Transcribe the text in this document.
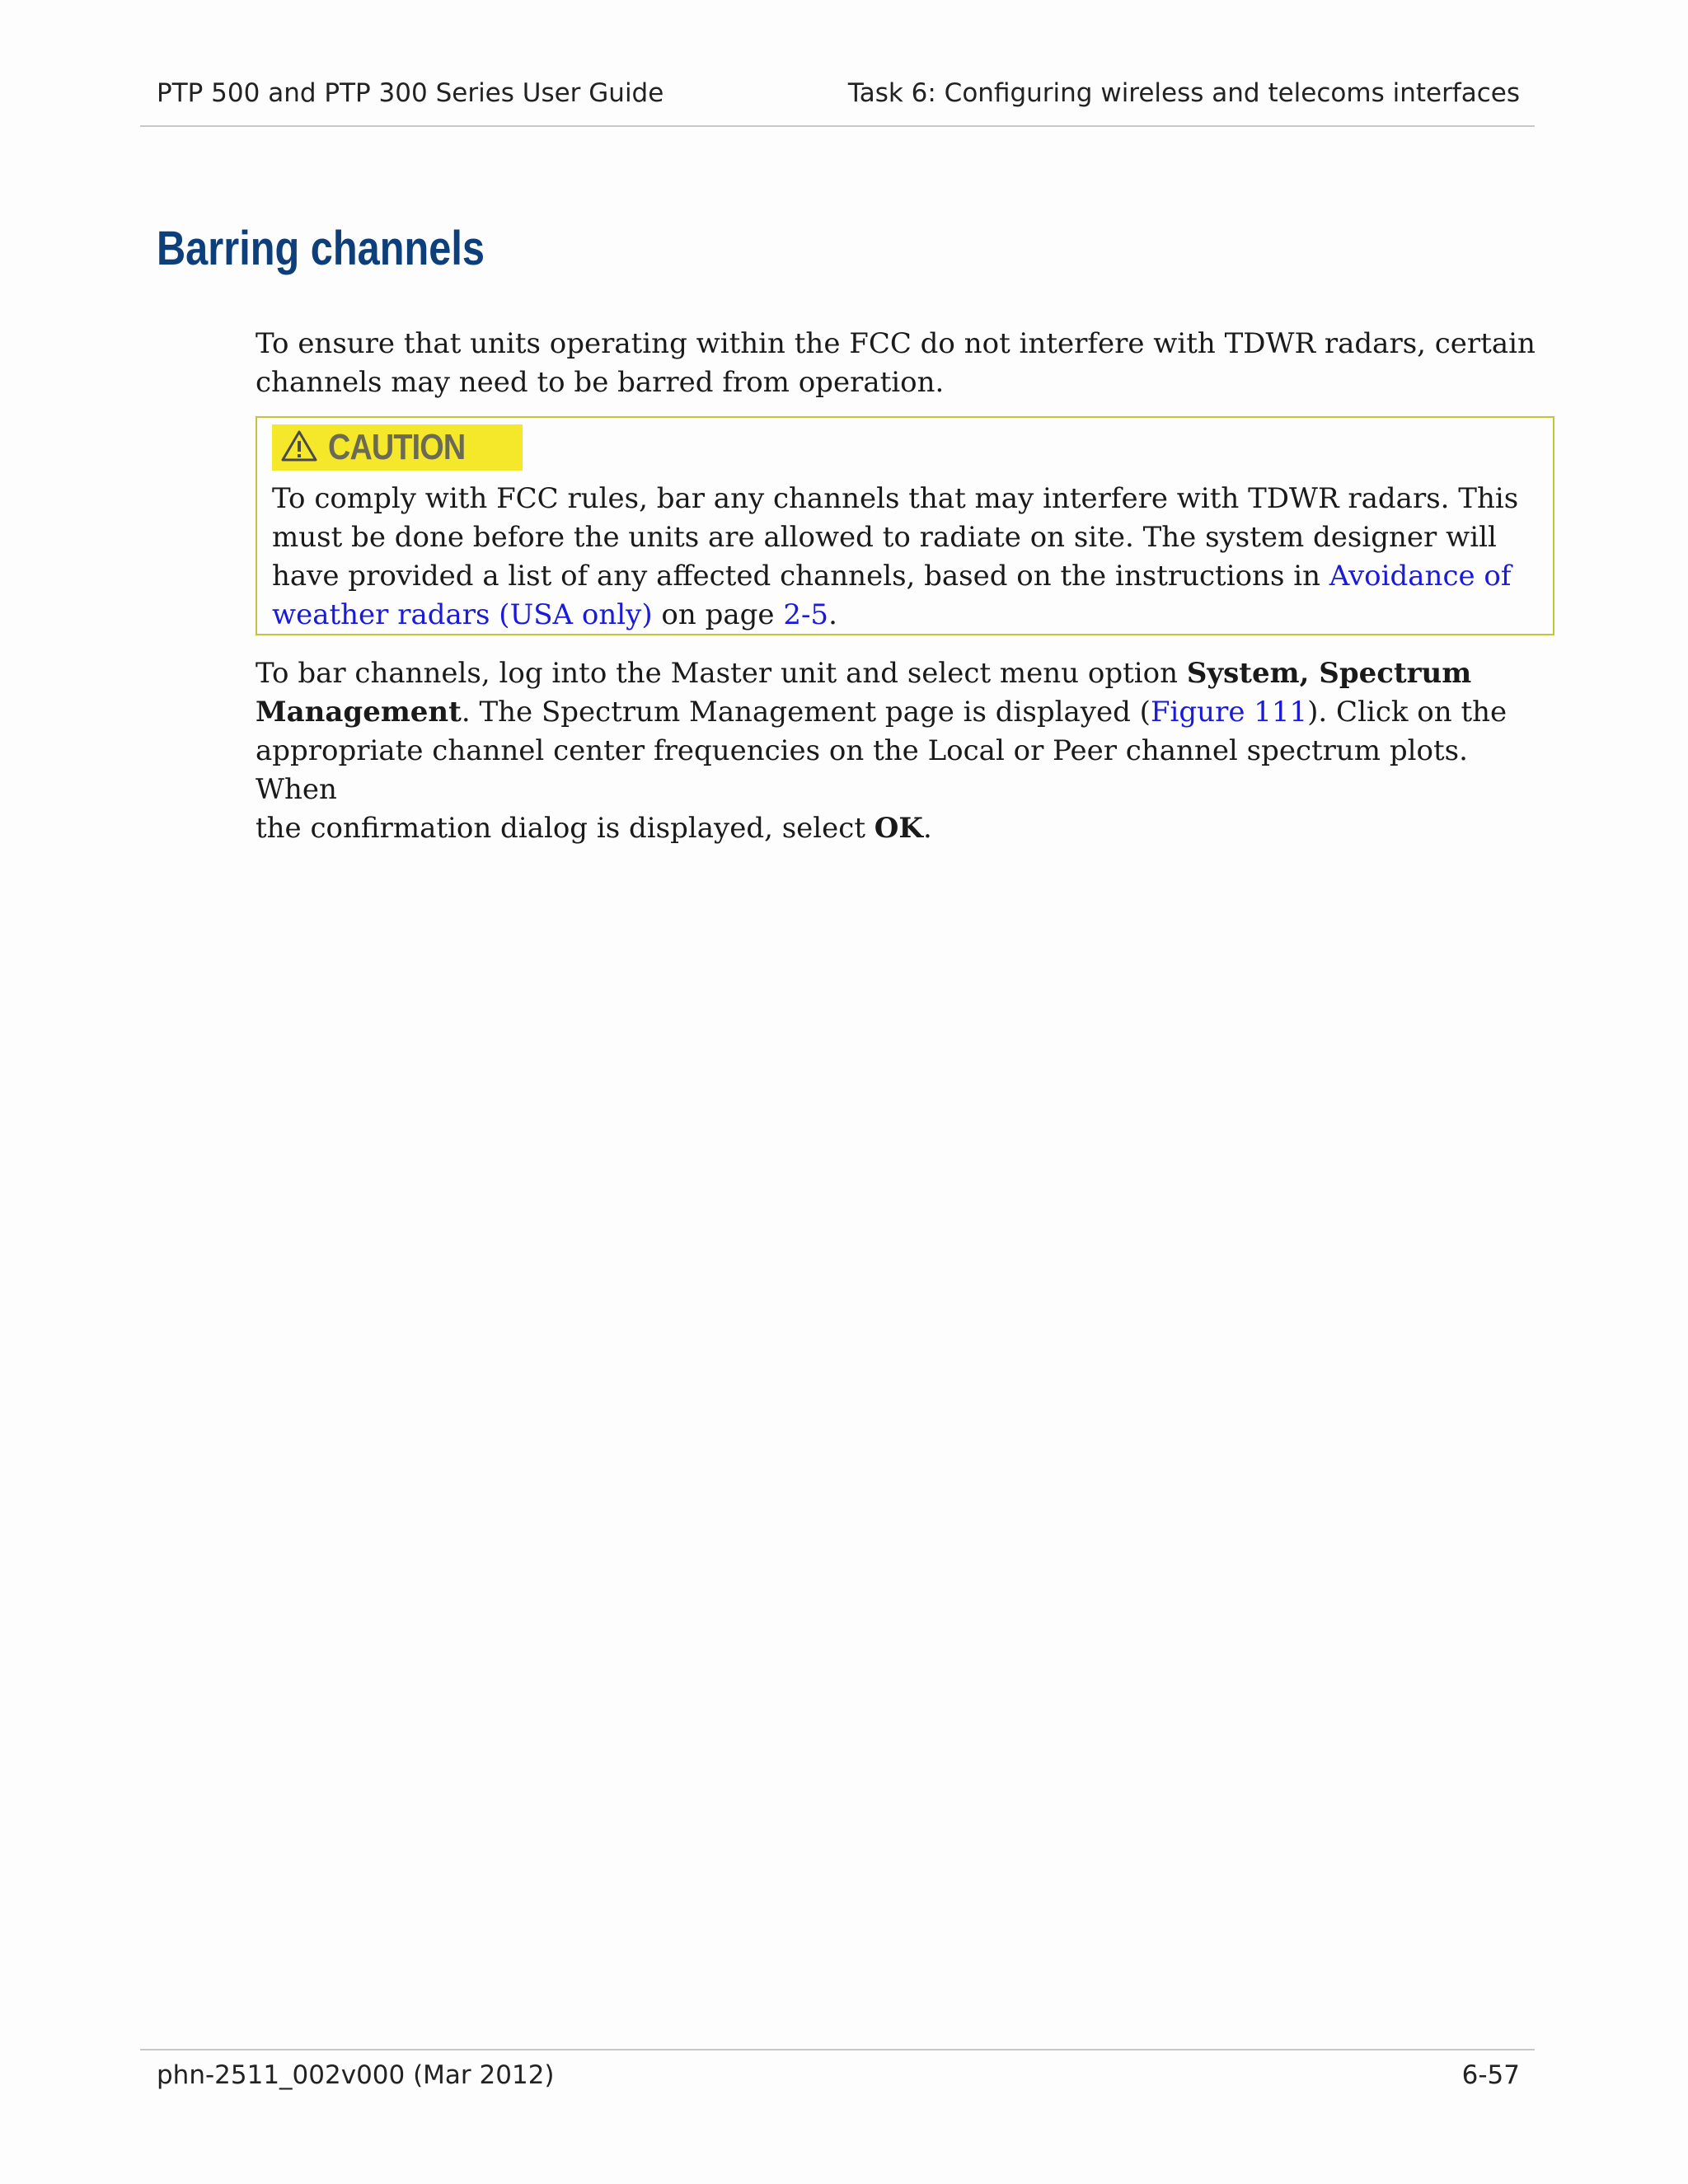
PTP 500 and PTP 300 Series User Guide	Task 6: Configuring wireless and telecoms interfaces
Barring channels
To ensure that units operating within the FCC do not interfere with TDWR radars, certain
channels may need to be barred from operation.
CAUTION
To comply with FCC rules, bar any channels that may interfere with TDWR radars. This
must be done before the units are allowed to radiate on site. The system designer will
have provided a list of any affected channels, based on the instructions in Avoidance of
weather radars (USA only) on page 2-5.
To bar channels, log into the Master unit and select menu option System, Spectrum
Management. The Spectrum Management page is displayed (Figure 111). Click on the
appropriate channel center frequencies on the Local or Peer channel spectrum plots. When
the confirmation dialog is displayed, select OK.
phn-2511_002v000 (Mar 2012)	6-57
